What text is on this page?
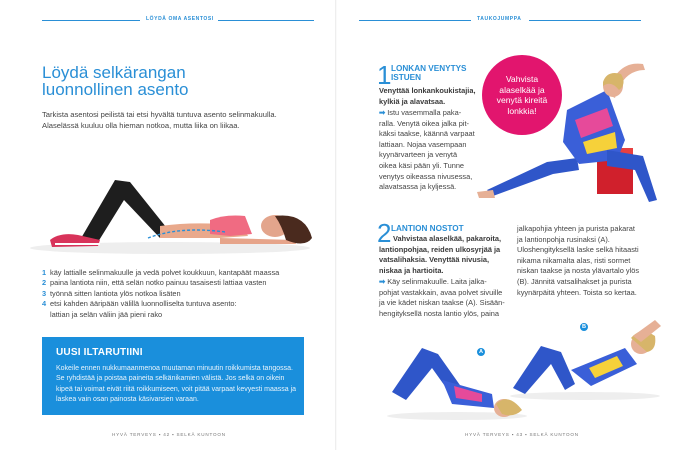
LÖYDÄ OMA ASENTOSI
Löydä selkärangan
luonnollinen asento

Tarkista asentosi peilistä tai etsi hyvältä tuntuva asento selinmakuulla. Alaselässä kuuluu olla hieman notkoa, mutta liika on liikaa.

1 käy lattialle selinmakuulle ja vedä polvet koukkuun, kantapäät maassa
2 paina lantiota niin, että selän notko painuu tasaisesti lattiaa vasten
3 työnnä sitten lantiota ylös notkoa lisäten
4 etsi kahden ääripään välillä luonnolliselta tuntuva asento:
lattian ja selän väliin jää pieni rako
UUSI ILTARUTIINI

Kokeile ennen nukkumaanmenoa muutaman minuutin roikkumista tangossa. Se ryhdistää ja poistaa paineita selkänikamien välistä. Jos selkä on oikein kipeä tai voimat eivät riitä roikkumiseen, voit pitää varpaat kevyesti maassa ja laskea vain osan painosta käsivarsien varaan.

HYVÄ TERVEYS ▪ 42 ▪ SELKÄ KUNTOON
TAUKOJUMPPA
Vahvista alaselkää ja venytä kireitä lonkkia!
1 LONKAN VENYTYS
ISTUEN
Venyttää lonkankoukistajia,
kylkiä ja alavatsaa.
➡ Istu vasemmalla paka-
ralla. Venytä oikea jalka pit-
käksi taakse, käännä varpaat
lattiaan. Nojaa vasempaan
kyynärvarteen ja venytä
oikea käsi pään yli. Tunne
venytys oikeassa nivusessa,
alavatsassa ja kyljessä.
2 LANTION NOSTOT
Vahvistaa alaselkää, pakaroita,
lantionpohjaa, reiden ulkosyrjää ja
vatsalihaksia. Venyttää nivusia,
niskaa ja hartioita.
➡ Käy selinmakuulle. Laita jalka-
pohjat vastakkain, avaa polvet sivuille
ja vie kädet niskan taakse (A). Sisään-
hengityksellä nosta lantio ylös, paina
jalkapohjia yhteen ja purista pakarat
ja lantionpohja rusinaksi (A).
Uloshengityksellä laske selkä hitaasti
nikama nikamalta alas, risti sormet
niskan taakse ja nosta ylävartalo ylös
(B). Jännitä vatsalihakset ja purista
kyynärpäitä yhteen. Toista so kertaa.
A
B
HYVÄ TERVEYS ▪ 43 ▪ SELKÄ KUNTOON
